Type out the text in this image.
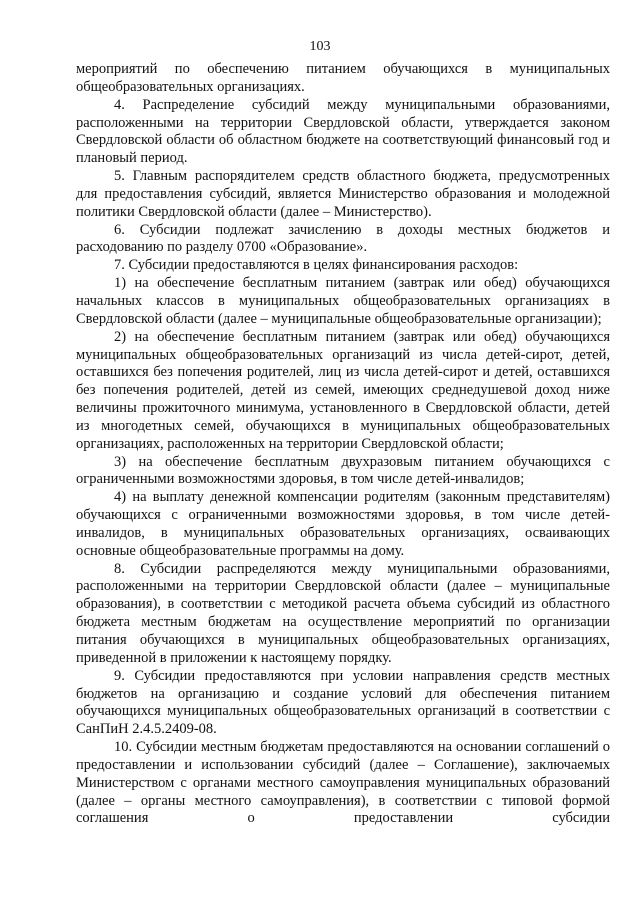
103

мероприятий по обеспечению питанием обучающихся в муниципальных общеобразовательных организациях.

4. Распределение субсидий между муниципальными образованиями, расположенными на территории Свердловской области, утверждается законом Свердловской области об областном бюджете на соответствующий финансовый год и плановый период.

5. Главным распорядителем средств областного бюджета, предусмотренных для предоставления субсидий, является Министерство образования и молодежной политики Свердловской области (далее – Министерство).

6. Субсидии подлежат зачислению в доходы местных бюджетов и расходованию по разделу 0700 «Образование».

7. Субсидии предоставляются в целях финансирования расходов:

1) на обеспечение бесплатным питанием (завтрак или обед) обучающихся начальных классов в муниципальных общеобразовательных организациях в Свердловской области (далее – муниципальные общеобразовательные организации);

2) на обеспечение бесплатным питанием (завтрак или обед) обучающихся муниципальных общеобразовательных организаций из числа детей-сирот, детей, оставшихся без попечения родителей, лиц из числа детей-сирот и детей, оставшихся без попечения родителей, детей из семей, имеющих среднедушевой доход ниже величины прожиточного минимума, установленного в Свердловской области, детей из многодетных семей, обучающихся в муниципальных общеобразовательных организациях, расположенных на территории Свердловской области;

3) на обеспечение бесплатным двухразовым питанием обучающихся с ограниченными возможностями здоровья, в том числе детей-инвалидов;

4) на выплату денежной компенсации родителям (законным представителям) обучающихся с ограниченными возможностями здоровья, в том числе детей-инвалидов, в муниципальных образовательных организациях, осваивающих основные общеобразовательные программы на дому.

8. Субсидии распределяются между муниципальными образованиями, расположенными на территории Свердловской области (далее – муниципальные образования), в соответствии с методикой расчета объема субсидий из областного бюджета местным бюджетам на осуществление мероприятий по организации питания обучающихся в муниципальных общеобразовательных организациях, приведенной в приложении к настоящему порядку.

9. Субсидии предоставляются при условии направления средств местных бюджетов на организацию и создание условий для обеспечения питанием обучающихся муниципальных общеобразовательных организаций в соответствии с СанПиН 2.4.5.2409-08.

10. Субсидии местным бюджетам предоставляются на основании соглашений о предоставлении и использовании субсидий (далее – Соглашение), заключаемых Министерством с органами местного самоуправления муниципальных образований (далее – органы местного самоуправления), в соответствии с типовой формой соглашения о предоставлении субсидии
